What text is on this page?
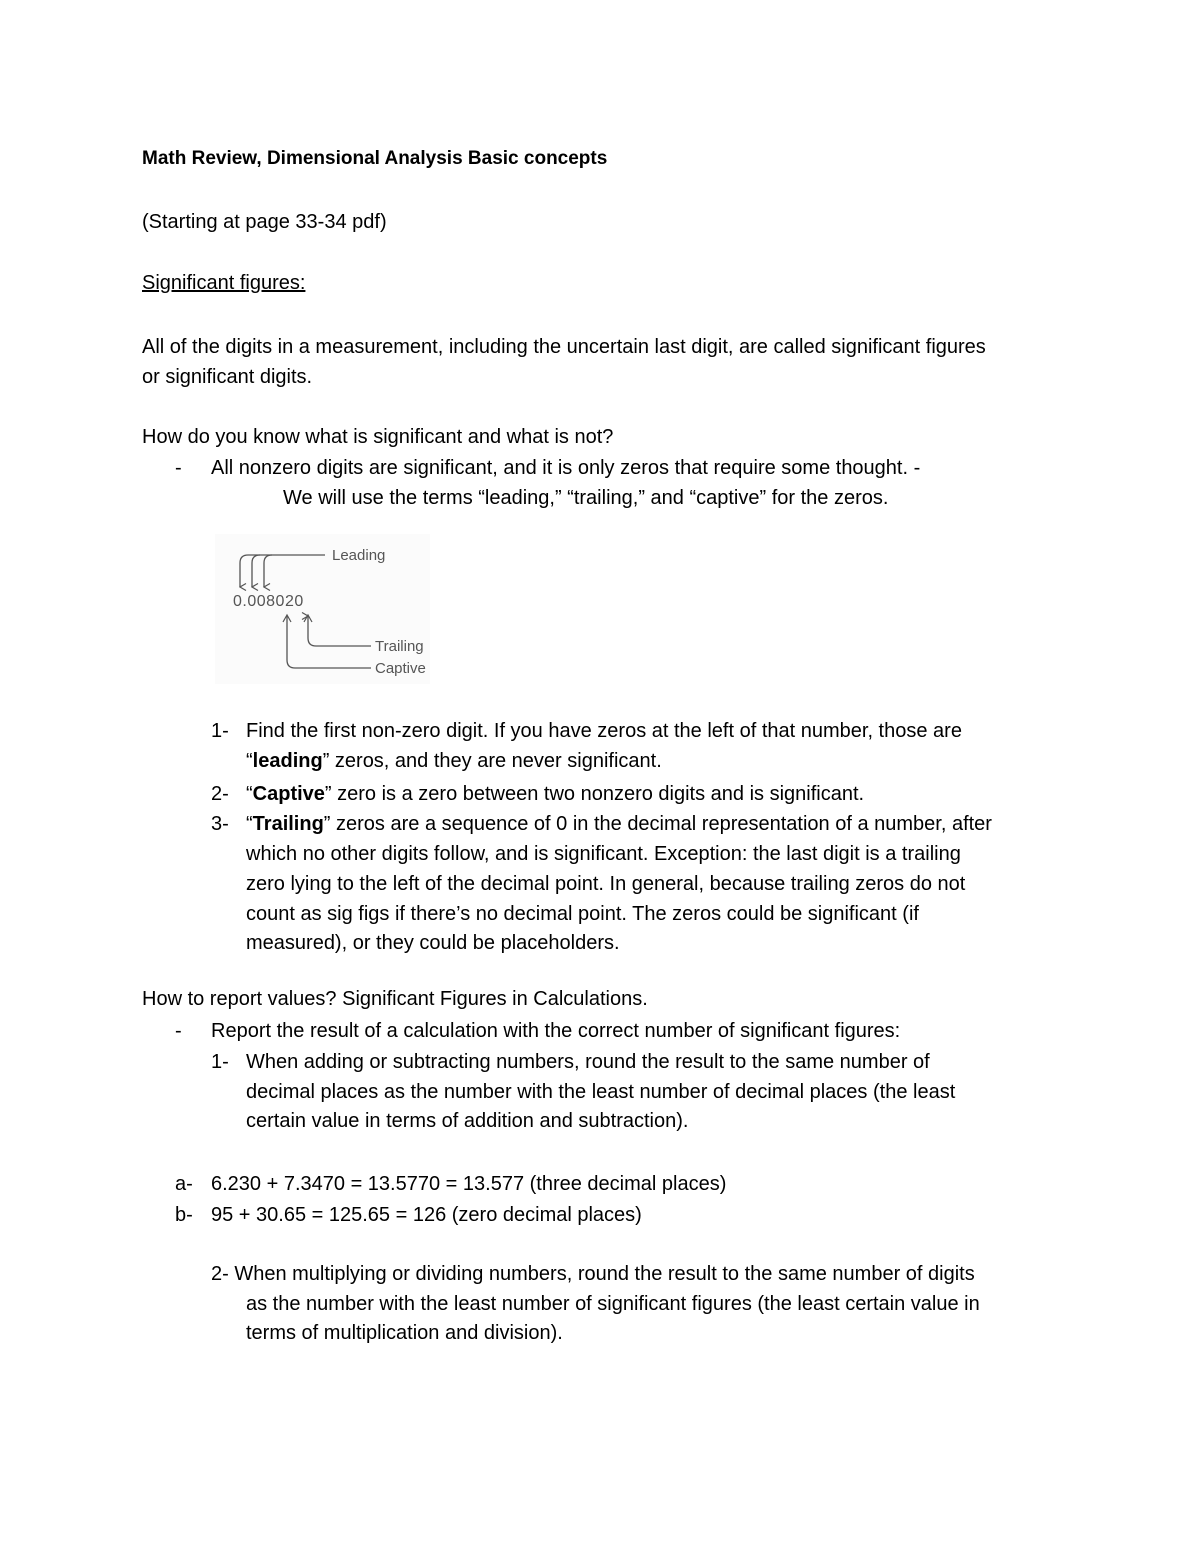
Math Review, Dimensional Analysis Basic concepts
(Starting at page 33-34 pdf)
Significant figures:
All of the digits in a measurement, including the uncertain last digit, are called significant figures
or significant digits.
How do you know what is significant and what is not?
- All nonzero digits are significant, and it is only zeros that require some thought. -
We will use the terms “leading,” “trailing,” and “captive” for the zeros.
Leading
0.008020
Trailing
Captive
1- Find the first non-zero digit. If you have zeros at the left of that number, those are
“leading” zeros, and they are never significant.
2- “Captive” zero is a zero between two nonzero digits and is significant.
3- “Trailing” zeros are a sequence of 0 in the decimal representation of a number, after
which no other digits follow, and is significant. Exception: the last digit is a trailing
zero lying to the left of the decimal point. In general, because trailing zeros do not
count as sig figs if there’s no decimal point. The zeros could be significant (if
measured), or they could be placeholders.
How to report values? Significant Figures in Calculations.
- Report the result of a calculation with the correct number of significant figures:
1- When adding or subtracting numbers, round the result to the same number of
decimal places as the number with the least number of decimal places (the least
certain value in terms of addition and subtraction).
a- 6.230 + 7.3470 = 13.5770 = 13.577 (three decimal places)
b- 95 + 30.65 = 125.65 = 126 (zero decimal places)
2- When multiplying or dividing numbers, round the result to the same number of digits
as the number with the least number of significant figures (the least certain value in
terms of multiplication and division).
